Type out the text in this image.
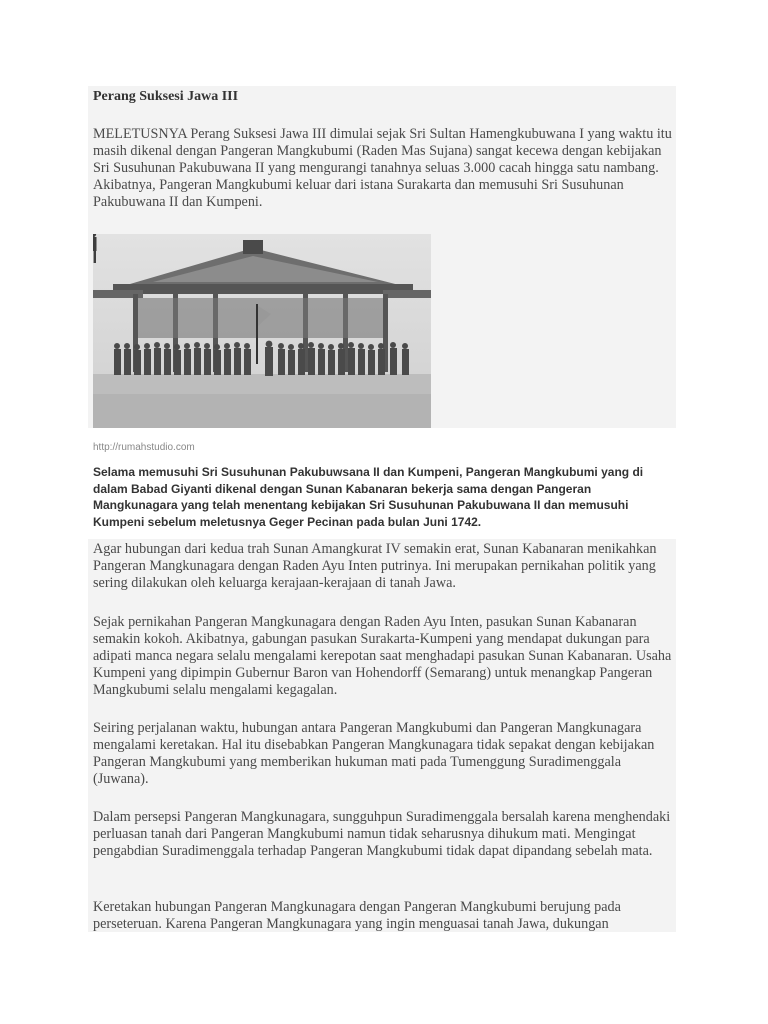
Perang Suksesi Jawa III

MELETUSNYA Perang Suksesi Jawa III dimulai sejak Sri Sultan Hamengkubuwana I yang waktu itu masih dikenal dengan Pangeran Mangkubumi (Raden Mas Sujana) sangat kecewa dengan kebijakan Sri Susuhunan Pakubuwana II yang mengurangi tanahnya seluas 3.000 cacah hingga satu nambang. Akibatnya, Pangeran Mangkubumi keluar dari istana Surakarta dan memusuhi Sri Susuhunan Pakubuwana II dan Kumpeni.

http://rumahstudio.com

Selama memusuhi Sri Susuhunan Pakubuwsana II dan Kumpeni, Pangeran Mangkubumi yang di dalam Babad Giyanti dikenal dengan Sunan Kabanaran bekerja sama dengan Pangeran Mangkunagara yang telah menentang kebijakan Sri Susuhunan Pakubuwana II dan memusuhi Kumpeni sebelum meletusnya Geger Pecinan pada bulan Juni 1742.

Agar hubungan dari kedua trah Sunan Amangkurat IV semakin erat, Sunan Kabanaran menikahkan Pangeran Mangkunagara dengan Raden Ayu Inten putrinya. Ini merupakan pernikahan politik yang sering dilakukan oleh keluarga kerajaan-kerajaan di tanah Jawa.

Sejak pernikahan Pangeran Mangkunagara dengan Raden Ayu Inten, pasukan Sunan Kabanaran semakin kokoh. Akibatnya, gabungan pasukan Surakarta-Kumpeni yang mendapat dukungan para adipati manca negara selalu mengalami kerepotan saat menghadapi pasukan Sunan Kabanaran. Usaha Kumpeni yang dipimpin Gubernur Baron van Hohendorff (Semarang) untuk menangkap Pangeran Mangkubumi selalu mengalami kegagalan.

Seiring perjalanan waktu, hubungan antara Pangeran Mangkubumi dan Pangeran Mangkunagara mengalami keretakan. Hal itu disebabkan Pangeran Mangkunagara tidak sepakat dengan kebijakan Pangeran Mangkubumi yang memberikan hukuman mati pada Tumenggung Suradimenggala (Juwana).

Dalam persepsi Pangeran Mangkunagara, sungguhpun Suradimenggala bersalah karena menghendaki perluasan tanah dari Pangeran Mangkubumi namun tidak seharusnya dihukum mati. Mengingat pengabdian Suradimenggala terhadap Pangeran Mangkubumi tidak dapat dipandang sebelah mata.

Keretakan hubungan Pangeran Mangkunagara dengan Pangeran Mangkubumi berujung pada perseteruan. Karena Pangeran Mangkunagara yang ingin menguasai tanah Jawa, dukungan
